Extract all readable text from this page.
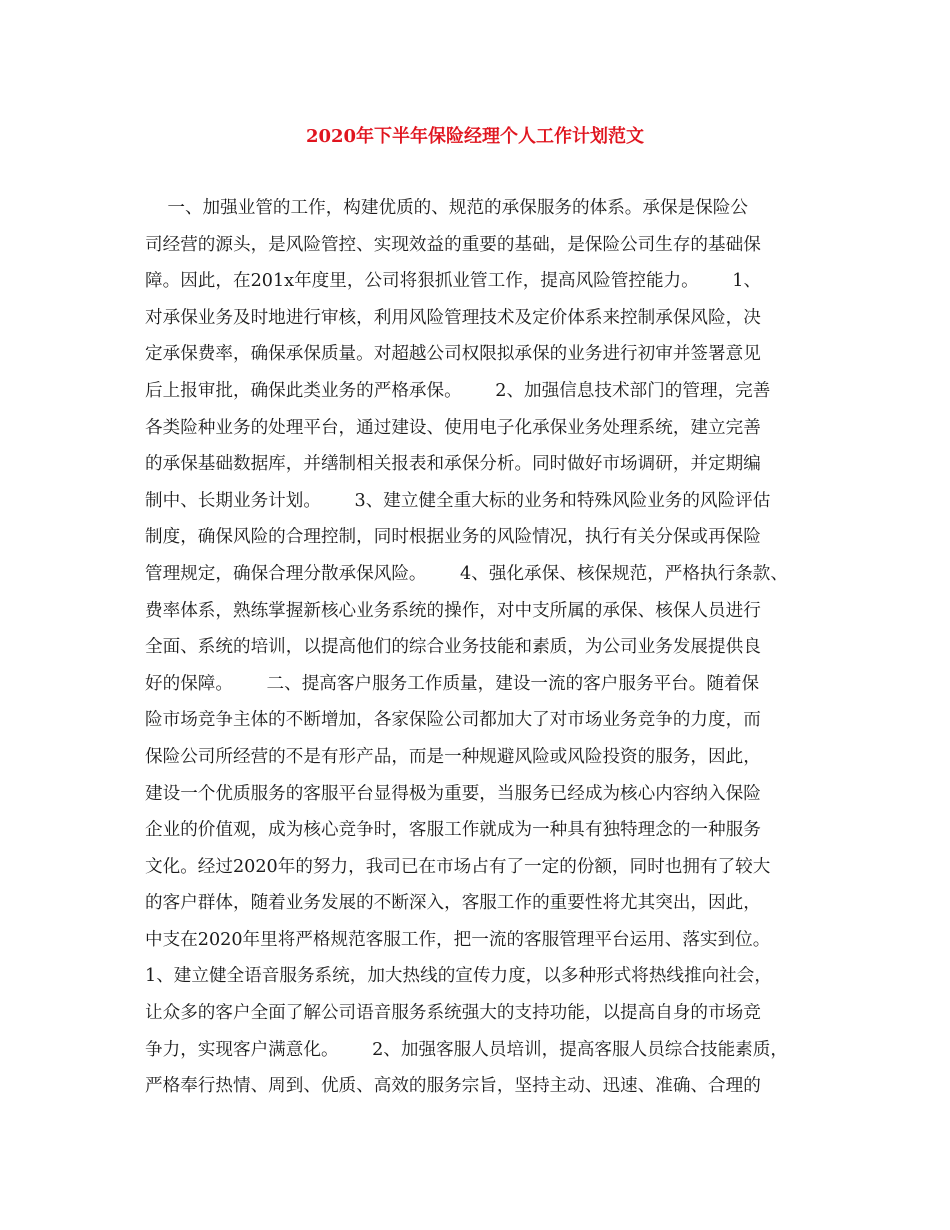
2020年下半年保险经理个人工作计划范文
一、加强业管的工作，构建优质的、规范的承保服务的体系。承保是保险公
司经营的源头，是风险管控、实现效益的重要的基础，是保险公司生存的基础保
障。因此，在201x年度里，公司将狠抓业管工作，提高风险管控能力。      1、
对承保业务及时地进行审核，利用风险管理技术及定价体系来控制承保风险，决
定承保费率，确保承保质量。对超越公司权限拟承保的业务进行初审并签署意见
后上报审批，确保此类业务的严格承保。      2、加强信息技术部门的管理，完善
各类险种业务的处理平台，通过建设、使用电子化承保业务处理系统，建立完善
的承保基础数据库，并缮制相关报表和承保分析。同时做好市场调研，并定期编
制中、长期业务计划。      3、建立健全重大标的业务和特殊风险业务的风险评估
制度，确保风险的合理控制，同时根据业务的风险情况，执行有关分保或再保险
管理规定，确保合理分散承保风险。      4、强化承保、核保规范，严格执行条款、
费率体系，熟练掌握新核心业务系统的操作，对中支所属的承保、核保人员进行
全面、系统的培训，以提高他们的综合业务技能和素质，为公司业务发展提供良
好的保障。      二、提高客户服务工作质量，建设一流的客户服务平台。随着保
险市场竞争主体的不断增加，各家保险公司都加大了对市场业务竞争的力度，而
保险公司所经营的不是有形产品，而是一种规避风险或风险投资的服务，因此，
建设一个优质服务的客服平台显得极为重要，当服务已经成为核心内容纳入保险
企业的价值观，成为核心竞争时，客服工作就成为一种具有独特理念的一种服务
文化。经过2020年的努力，我司已在市场占有了一定的份额，同时也拥有了较大
的客户群体，随着业务发展的不断深入，客服工作的重要性将尤其突出，因此，
中支在2020年里将严格规范客服工作，把一流的客服管理平台运用、落实到位。
1、建立健全语音服务系统，加大热线的宣传力度，以多种形式将热线推向社会，
让众多的客户全面了解公司语音服务系统强大的支持功能，以提高自身的市场竞
争力，实现客户满意化。      2、加强客服人员培训，提高客服人员综合技能素质，
严格奉行热情、周到、优质、高效的服务宗旨，坚持主动、迅速、准确、合理的
